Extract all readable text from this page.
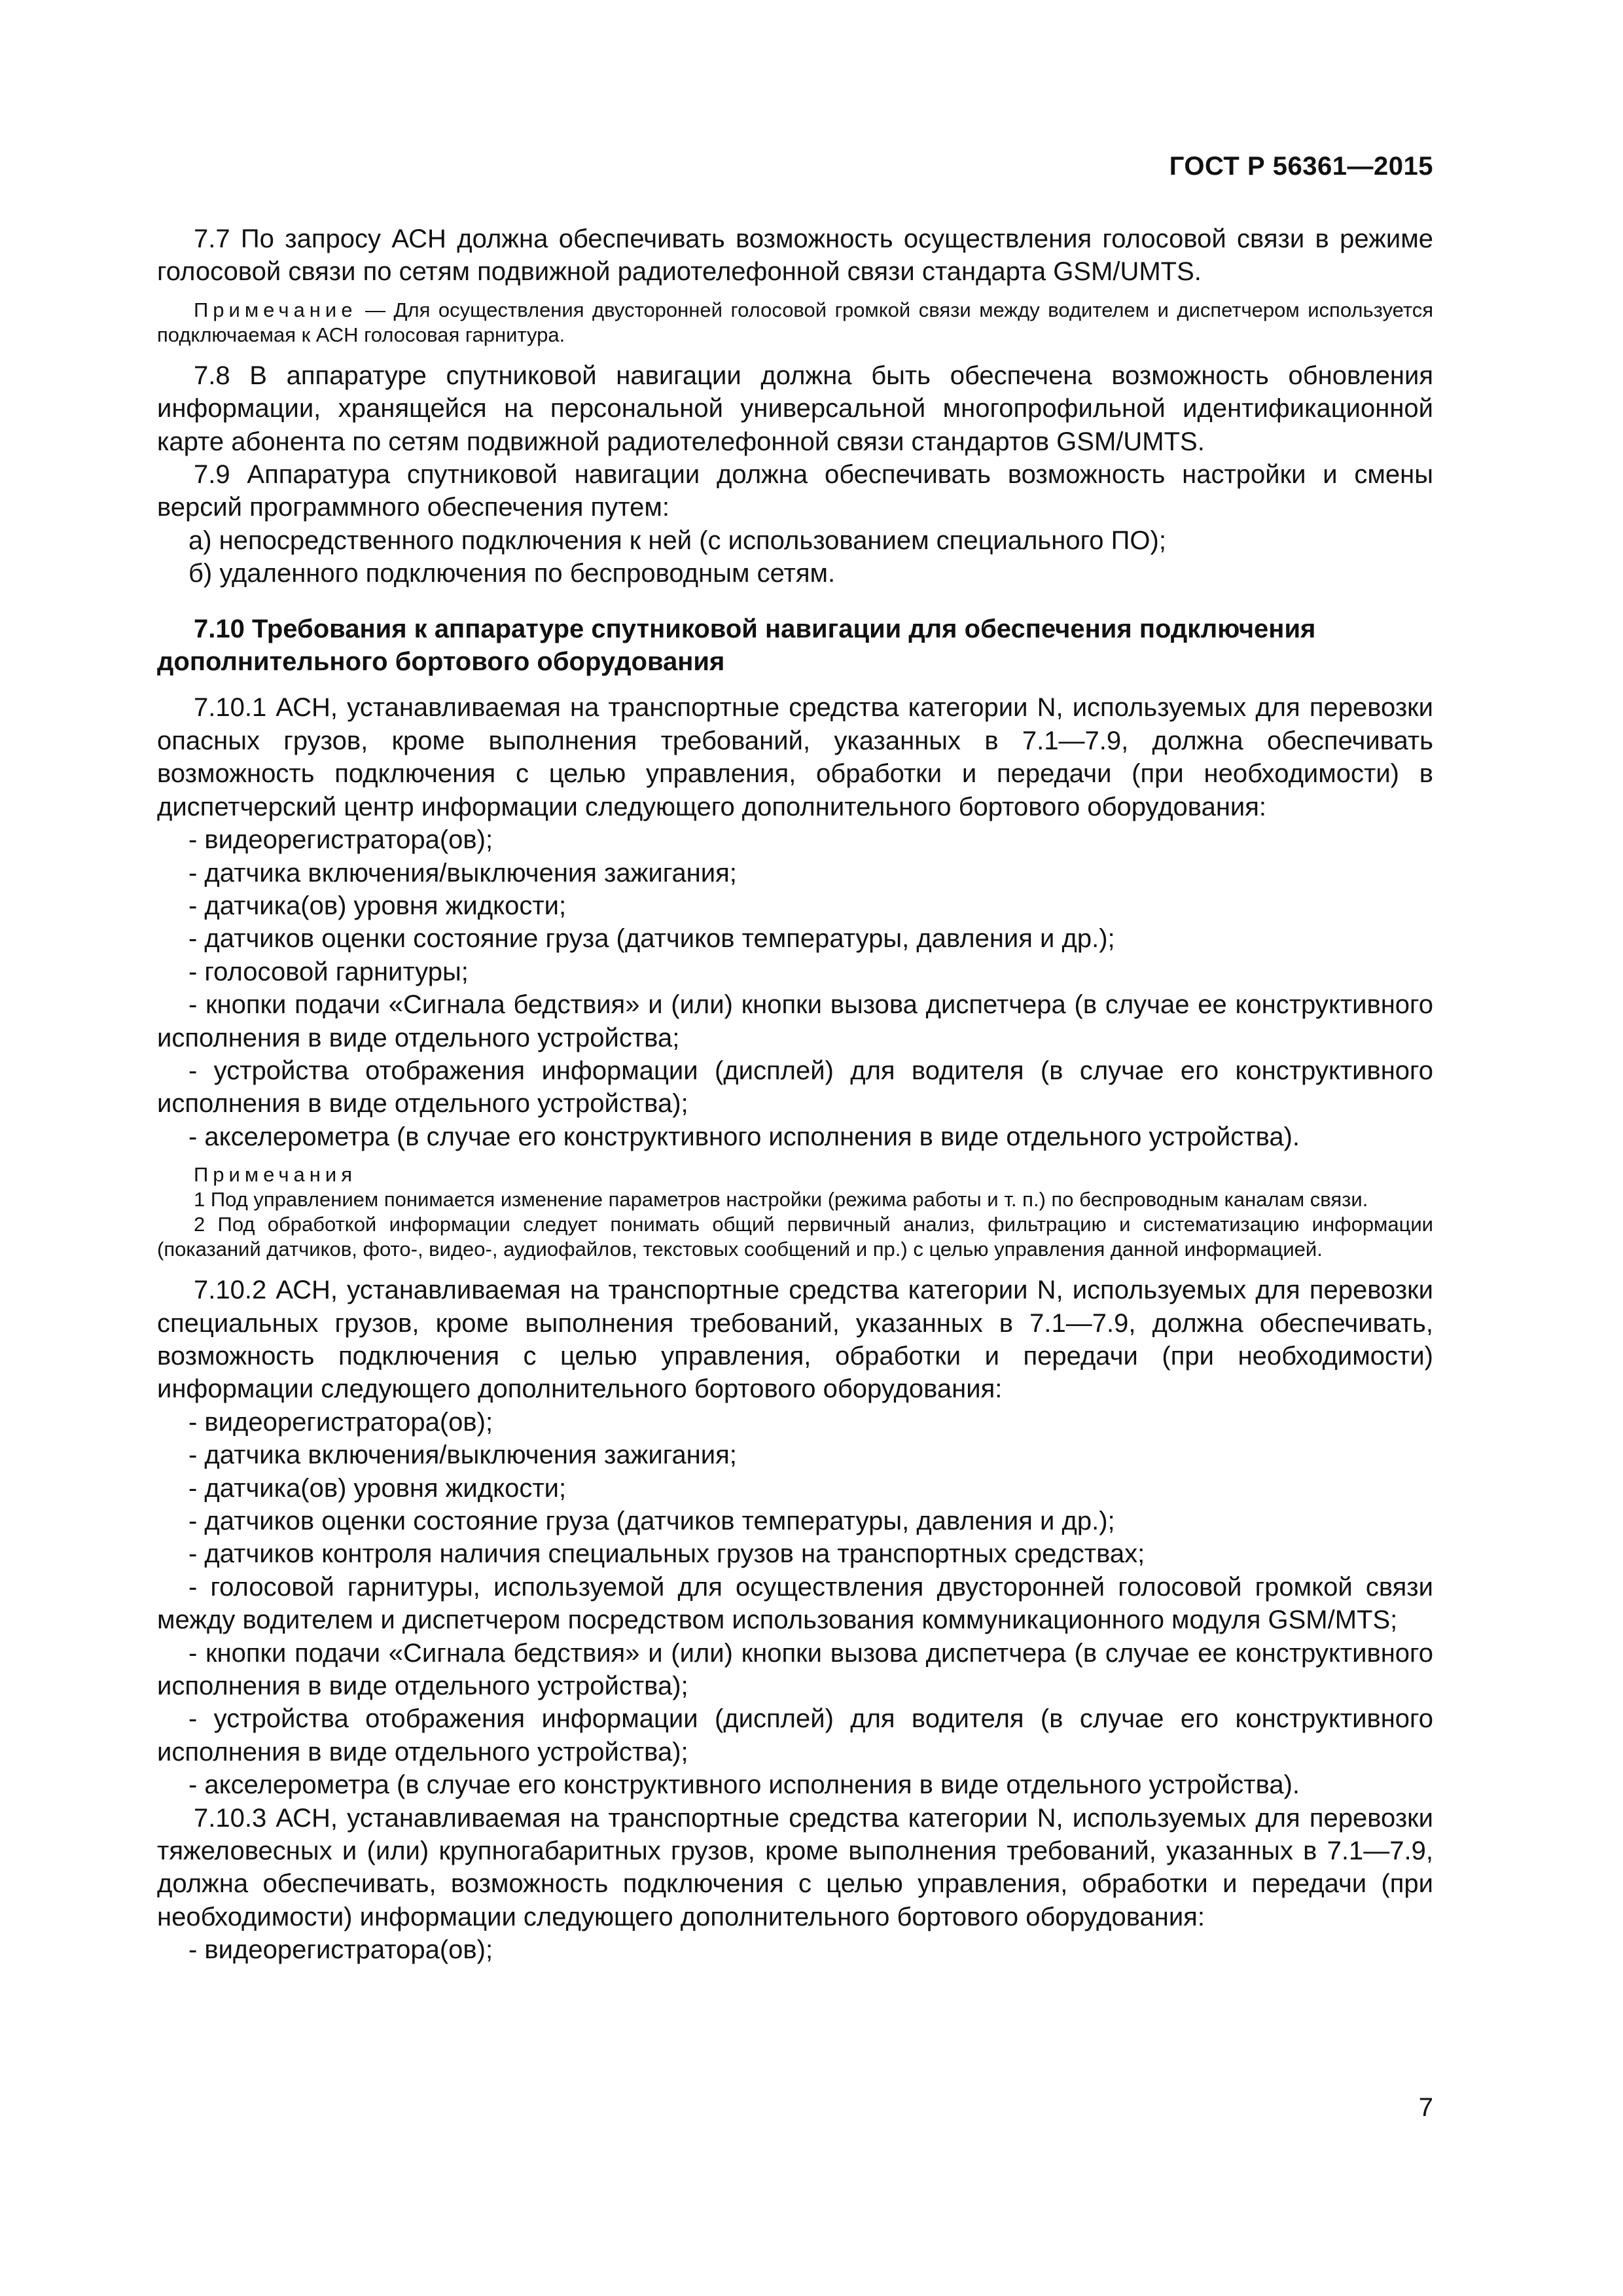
ГОСТ Р 56361—2015

7.7 По запросу АСН должна обеспечивать возможность осуществления голосовой связи в режиме голосовой связи по сетям подвижной радиотелефонной связи стандарта GSM/UMTS.

Примечание — Для осуществления двусторонней голосовой громкой связи между водителем и диспетчером используется подключаемая к АСН голосовая гарнитура.

7.8 В аппаратуре спутниковой навигации должна быть обеспечена возможность обновления информации, хранящейся на персональной универсальной многопрофильной идентификационной карте абонента по сетям подвижной радиотелефонной связи стандартов GSM/UMTS.

7.9 Аппаратура спутниковой навигации должна обеспечивать возможность настройки и смены версий программного обеспечения путем:

а) непосредственного подключения к ней (с использованием специального ПО);

б) удаленного подключения по беспроводным сетям.

7.10 Требования к аппаратуре спутниковой навигации для обеспечения подключения дополнительного бортового оборудования

7.10.1 АСН, устанавливаемая на транспортные средства категории N, используемых для перевозки опасных грузов, кроме выполнения требований, указанных в 7.1—7.9, должна обеспечивать возможность подключения с целью управления, обработки и передачи (при необходимости) в диспетчерский центр информации следующего дополнительного бортового оборудования:

- видеорегистратора(ов);

- датчика включения/выключения зажигания;

- датчика(ов) уровня жидкости;

- датчиков оценки состояние груза (датчиков температуры, давления и др.);

- голосовой гарнитуры;

- кнопки подачи «Сигнала бедствия» и (или) кнопки вызова диспетчера (в случае ее конструктивного исполнения в виде отдельного устройства;

- устройства отображения информации (дисплей) для водителя (в случае его конструктивного исполнения в виде отдельного устройства);

- акселерометра (в случае его конструктивного исполнения в виде отдельного устройства).

Примечания

1 Под управлением понимается изменение параметров настройки (режима работы и т. п.) по беспроводным каналам связи.

2 Под обработкой информации следует понимать общий первичный анализ, фильтрацию и систематизацию информации (показаний датчиков, фото-, видео-, аудиофайлов, текстовых сообщений и пр.) с целью управления данной информацией.

7.10.2 АСН, устанавливаемая на транспортные средства категории N, используемых для перевозки специальных грузов, кроме выполнения требований, указанных в 7.1—7.9, должна обеспечивать, возможность подключения с целью управления, обработки и передачи (при необходимости) информации следующего дополнительного бортового оборудования:

- видеорегистратора(ов);

- датчика включения/выключения зажигания;

- датчика(ов) уровня жидкости;

- датчиков оценки состояние груза (датчиков температуры, давления и др.);

- датчиков контроля наличия специальных грузов на транспортных средствах;

- голосовой гарнитуры, используемой для осуществления двусторонней голосовой громкой связи между водителем и диспетчером посредством использования коммуникационного модуля GSM/MTS;

- кнопки подачи «Сигнала бедствия» и (или) кнопки вызова диспетчера (в случае ее конструктивного исполнения в виде отдельного устройства);

- устройства отображения информации (дисплей) для водителя (в случае его конструктивного исполнения в виде отдельного устройства);

- акселерометра (в случае его конструктивного исполнения в виде отдельного устройства).

7.10.3 АСН, устанавливаемая на транспортные средства категории N, используемых для перевозки тяжеловесных и (или) крупногабаритных грузов, кроме выполнения требований, указанных в 7.1—7.9, должна обеспечивать, возможность подключения с целью управления, обработки и передачи (при необходимости) информации следующего дополнительного бортового оборудования:

- видеорегистратора(ов);

7
